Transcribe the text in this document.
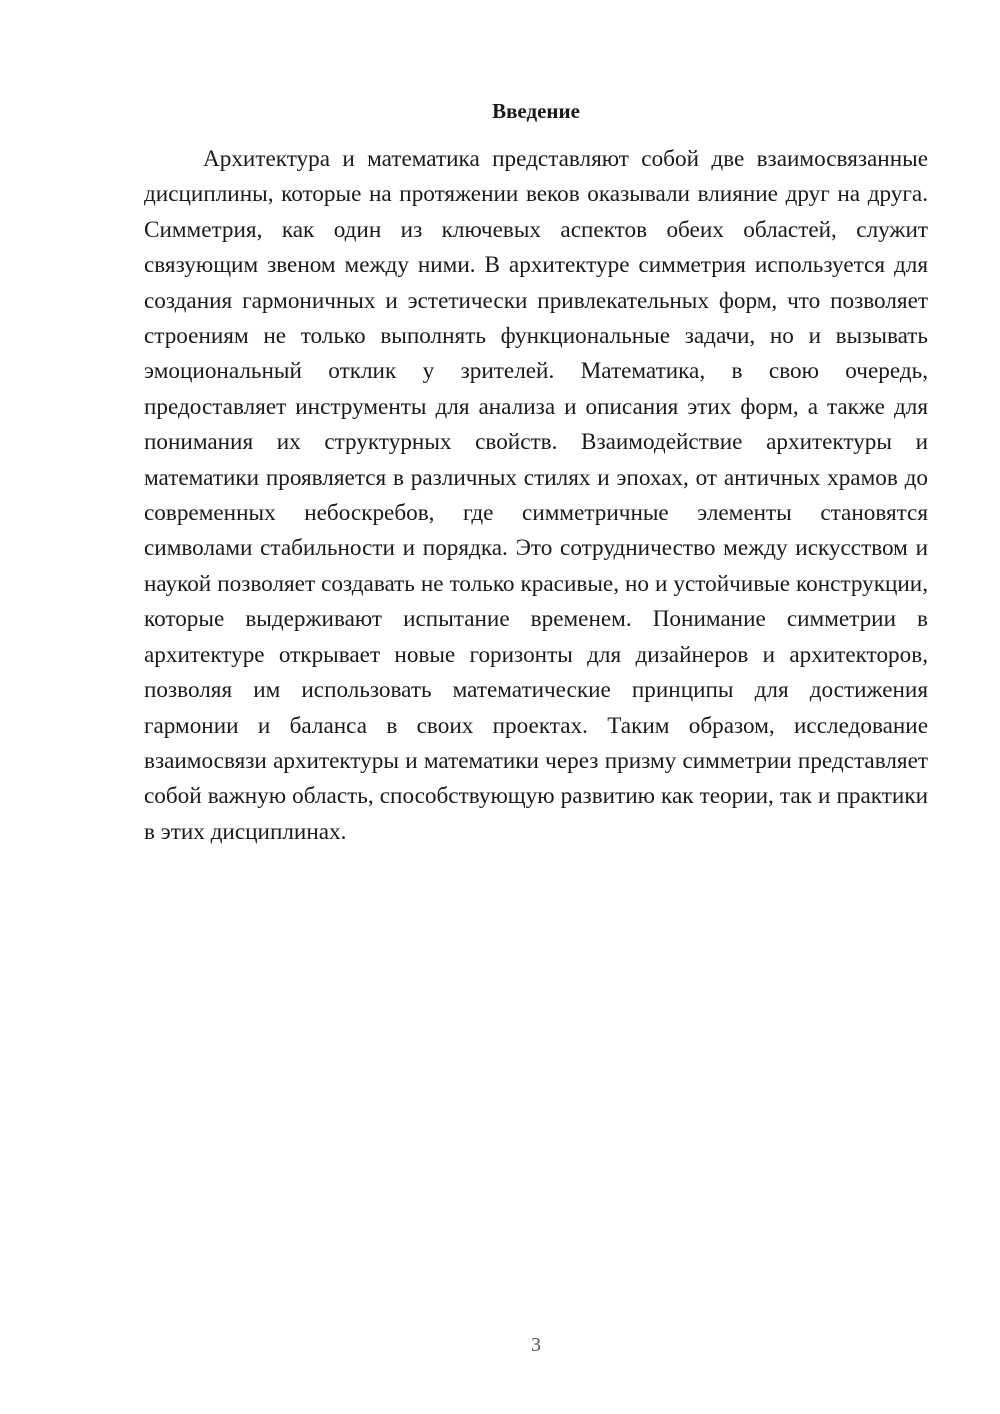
Введение

Архитектура и математика представляют собой две взаимосвязанные дисциплины, которые на протяжении веков оказывали влияние друг на друга. Симметрия, как один из ключевых аспектов обеих областей, служит связующим звеном между ними. В архитектуре симметрия используется для создания гармоничных и эстетически привлекательных форм, что позволяет строениям не только выполнять функциональные задачи, но и вызывать эмоциональный отклик у зрителей. Математика, в свою очередь, предоставляет инструменты для анализа и описания этих форм, а также для понимания их структурных свойств. Взаимодействие архитектуры и математики проявляется в различных стилях и эпохах, от античных храмов до современных небоскребов, где симметричные элементы становятся символами стабильности и порядка. Это сотрудничество между искусством и наукой позволяет создавать не только красивые, но и устойчивые конструкции, которые выдерживают испытание временем. Понимание симметрии в архитектуре открывает новые горизонты для дизайнеров и архитекторов, позволяя им использовать математические принципы для достижения гармонии и баланса в своих проектах. Таким образом, исследование взаимосвязи архитектуры и математики через призму симметрии представляет собой важную область, способствующую развитию как теории, так и практики в этих дисциплинах.

3
